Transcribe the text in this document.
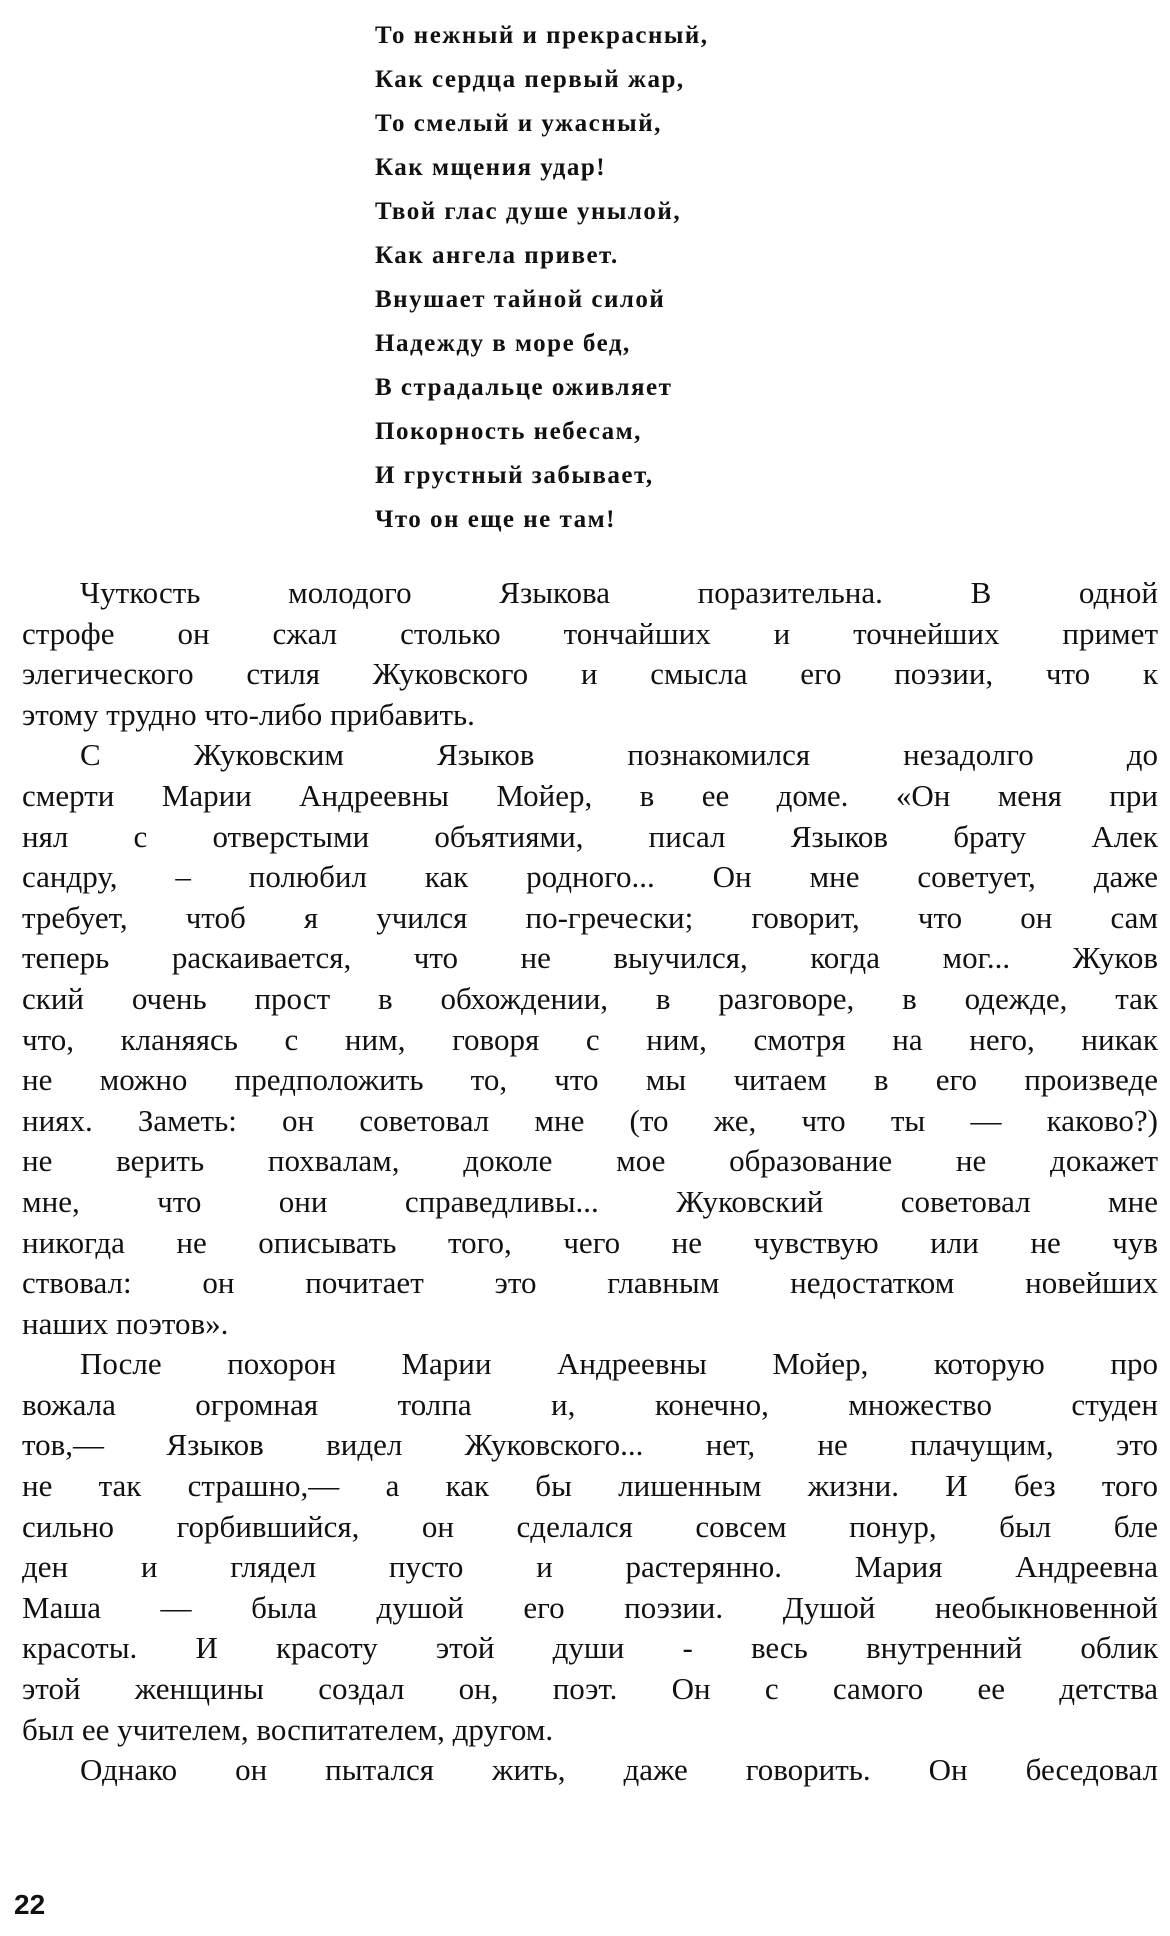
То нежный и прекрасный,
Как сердца первый жар,
То смелый и ужасный,
Как мщения удар!
Твой глас душе унылой,
Как ангела привет.
Внушает тайной силой
Надежду в море бед,
В страдальце оживляет
Покорность небесам,
И грустный забывает,
Что он еще не там!
Чуткость молодого Языкова поразительна. В одной
строфе он сжал столько тончайших и точнейших примет
элегического стиля Жуковского и смысла его поэзии, что к
этому трудно что-либо прибавить.
С Жуковским Языков познакомился незадолго до
смерти Марии Андреевны Мойер, в ее доме. «Он меня при
нял с отверстыми объятиями, писал Языков брату Алек
сандру, – полюбил как родного... Он мне советует, даже
требует, чтоб я учился по-гречески; говорит, что он сам
теперь раскаивается, что не выучился, когда мог... Жуков
ский очень прост в обхождении, в разговоре, в одежде, так
что, кланяясь с ним, говоря с ним, смотря на него, никак
не можно предположить то, что мы читаем в его произведе
ниях. Заметь: он советовал мне (то же, что ты — каково?)
не верить похвалам, доколе мое образование не докажет
мне, что они справедливы... Жуковский советовал мне
никогда не описывать того, чего не чувствую или не чув
ствовал: он почитает это главным недостатком новейших
наших поэтов».
После похорон Марии Андреевны Мойер, которую про
вожала огромная толпа и, конечно, множество студен
тов,— Языков видел Жуковского... нет, не плачущим, это
не так страшно,— а как бы лишенным жизни. И без того
сильно горбившийся, он сделался совсем понур, был бле
ден и глядел пусто и растерянно. Мария Андреевна
Маша — была душой его поэзии. Душой необыкновенной
красоты. И красоту этой души - весь внутренний облик
этой женщины создал он, поэт. Он с самого ее детства
был ее учителем, воспитателем, другом.
Однако он пытался жить, даже говорить. Он беседовал
22
